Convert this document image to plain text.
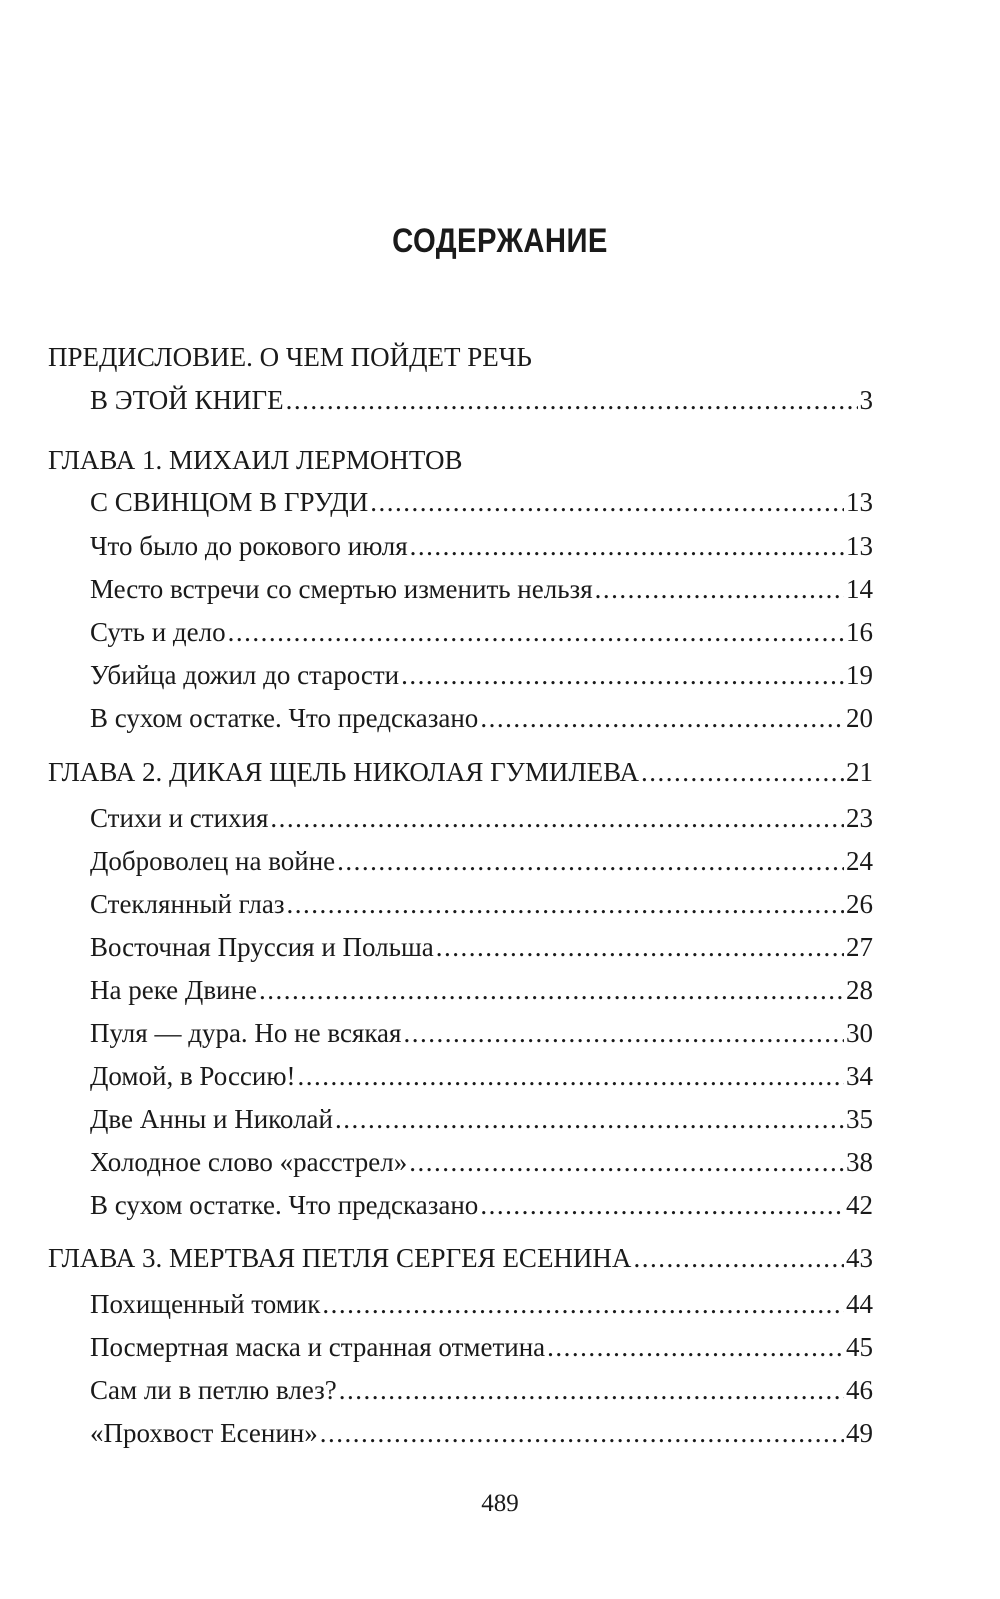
СОДЕРЖАНИЕ
ПРЕДИСЛОВИЕ. О ЧЕМ ПОЙДЕТ РЕЧЬ
В ЭТОЙ КНИГЕ .....	3
ГЛАВА 1. МИХАИЛ ЛЕРМОНТОВ
С СВИНЦОМ В ГРУДИ .....	13
Что было до рокового июля .....	13
Место встречи со смертью изменить нельзя .....	14
Суть и дело .....	16
Убийца дожил до старости .....	19
В сухом остатке. Что предсказано .....	20
ГЛАВА 2. ДИКАЯ ЩЕЛЬ НИКОЛАЯ ГУМИЛЕВА .....	21
Стихи и стихия .....	23
Доброволец на войне .....	24
Стеклянный глаз .....	26
Восточная Пруссия и Польша .....	27
На реке Двине .....	28
Пуля — дура. Но не всякая .....	30
Домой, в Россию! .....	34
Две Анны и Николай .....	35
Холодное слово «расстрел» .....	38
В сухом остатке. Что предсказано .....	42
ГЛАВА 3. МЕРТВАЯ ПЕТЛЯ СЕРГЕЯ ЕСЕНИНА .....	43
Похищенный томик .....	44
Посмертная маска и странная отметина .....	45
Сам ли в петлю влез? .....	46
«Прохвост Есенин» .....	49
489
